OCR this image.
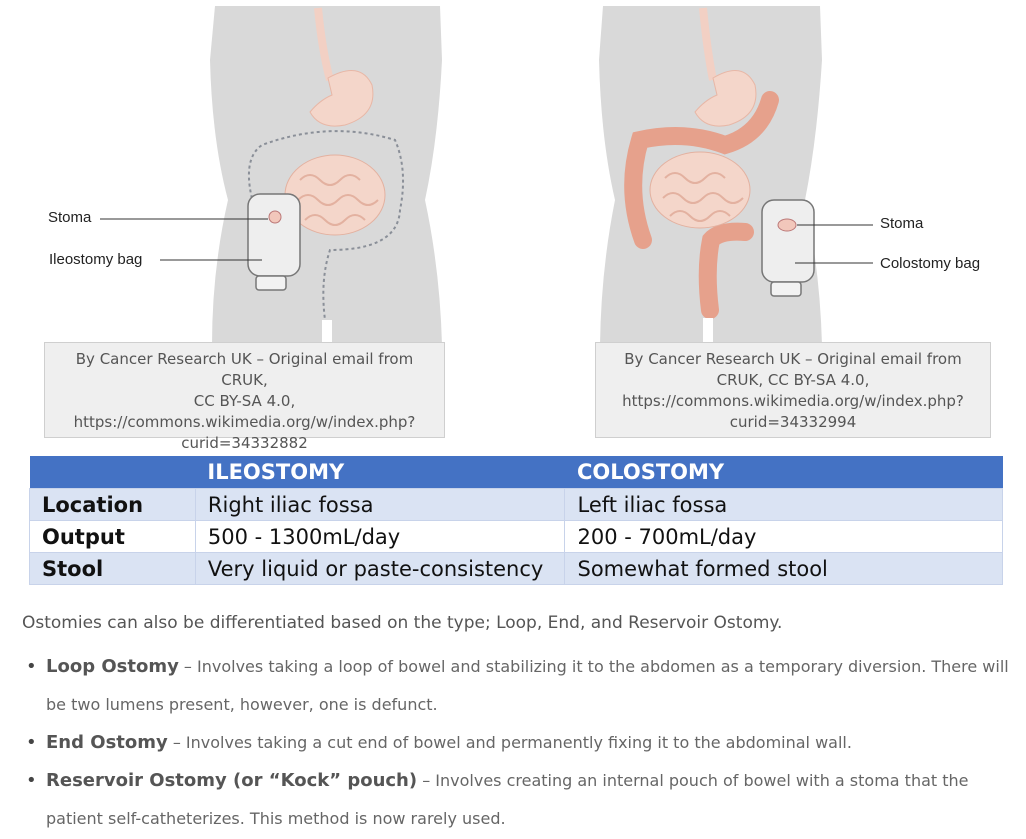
Stoma
Ileostomy bag
By Cancer Research UK – Original email from CRUK,
CC BY-SA 4.0,
https://commons.wikimedia.org/w/index.php?
curid=34332882
Stoma
Colostomy bag
By Cancer Research UK – Original email from
CRUK, CC BY-SA 4.0,
https://commons.wikimedia.org/w/index.php?
curid=34332994
	ILEOSTOMY	COLOSTOMY
Location	Right iliac fossa	Left iliac fossa
Output	500 - 1300mL/day	200 - 700mL/day
Stool	Very liquid or paste-consistency	Somewhat formed stool
Ostomies can also be differentiated based on the type; Loop, End, and Reservoir Ostomy.
• Loop Ostomy – Involves taking a loop of bowel and stabilizing it to the abdomen as a temporary diversion. There will be two lumens present, however, one is defunct.
• End Ostomy – Involves taking a cut end of bowel and permanently fixing it to the abdominal wall.
• Reservoir Ostomy (or “Kock” pouch) – Involves creating an internal pouch of bowel with a stoma that the patient self-catheterizes. This method is now rarely used.
